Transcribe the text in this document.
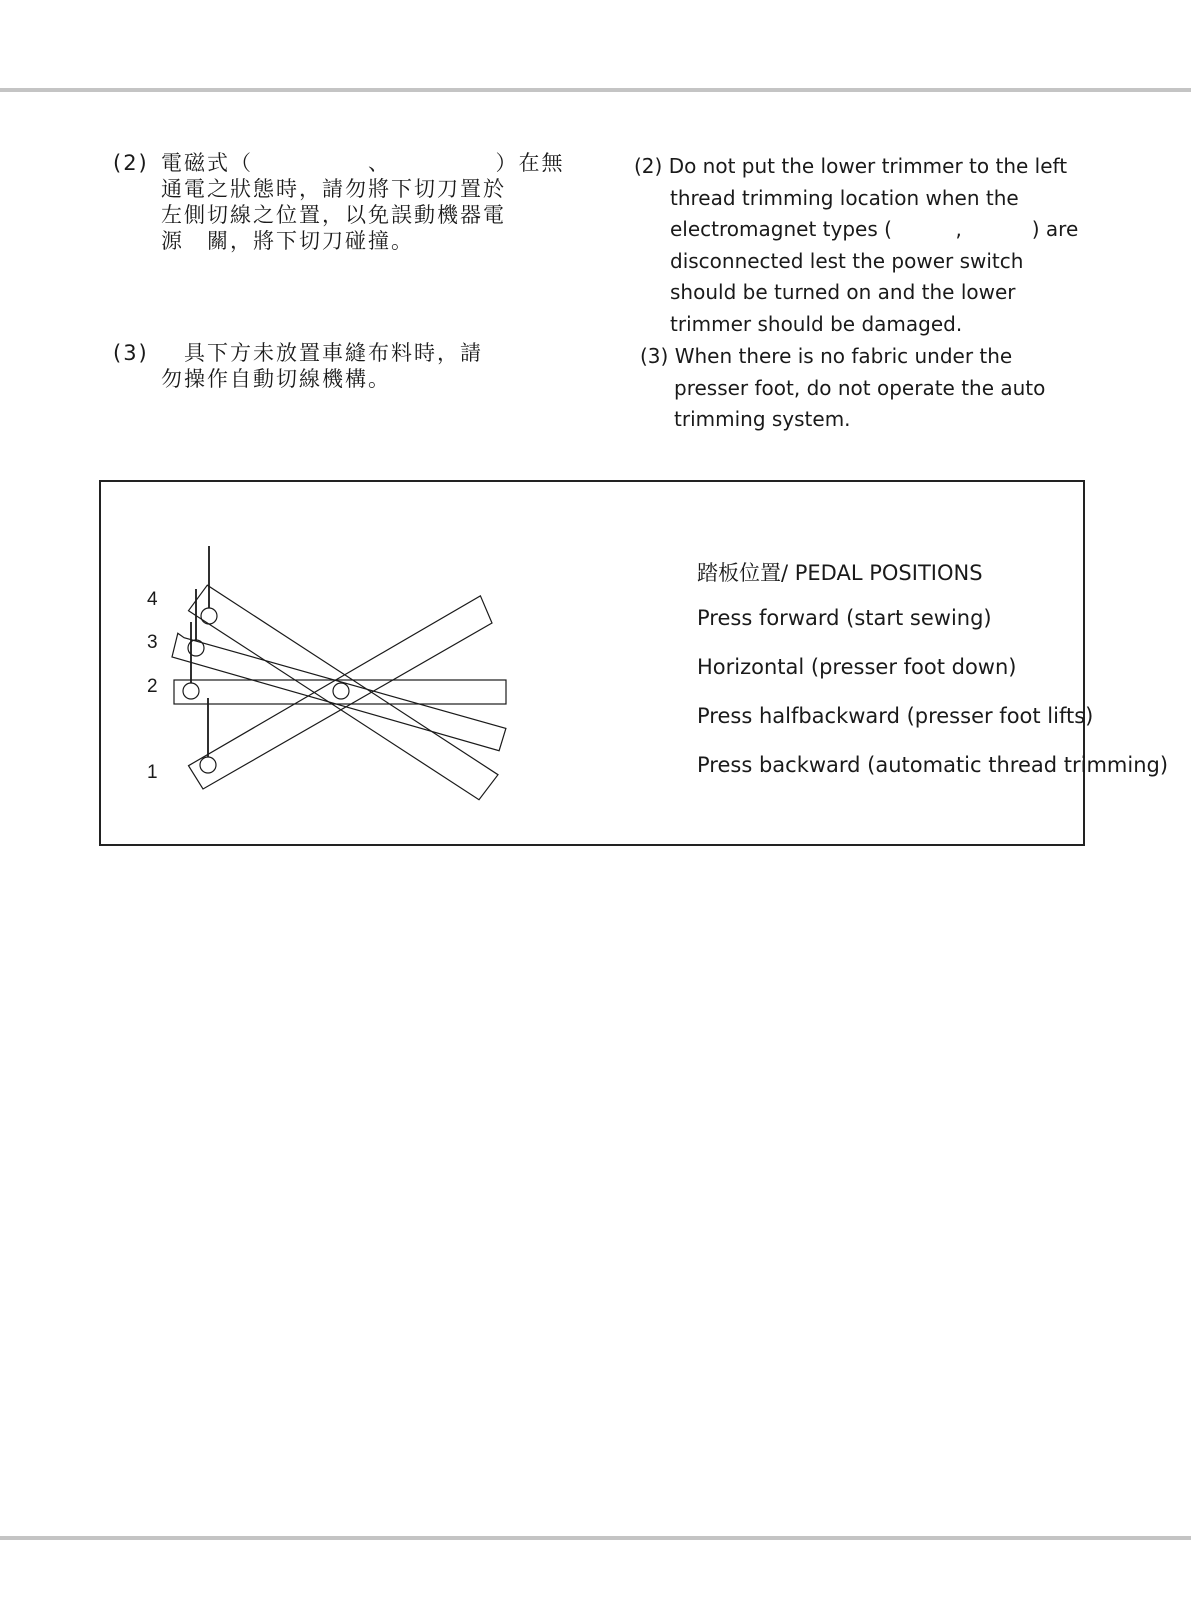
(2) 電磁式（　　　　　、　　　　　）在無
通電之狀態時，請勿將下切刀置於
左側切線之位置，以免誤動機器電
源　關，將下切刀碰撞。
(3) 　具下方未放置車縫布料時，請
勿操作自動切線機構。

(2) Do not put the lower trimmer to the left

thread trimming location when the

electromagnet types (          ,           ) are

disconnected lest the power switch

should be turned on and the lower

trimmer should be damaged.

(3) When there is no fabric under the

presser foot, do not operate the auto

trimming system.

4
3
2
1
踏板位置/ PEDAL POSITIONS
Press forward (start sewing)
Horizontal (presser foot down)
Press halfbackward (presser foot lifts)
Press backward (automatic thread trimming)
